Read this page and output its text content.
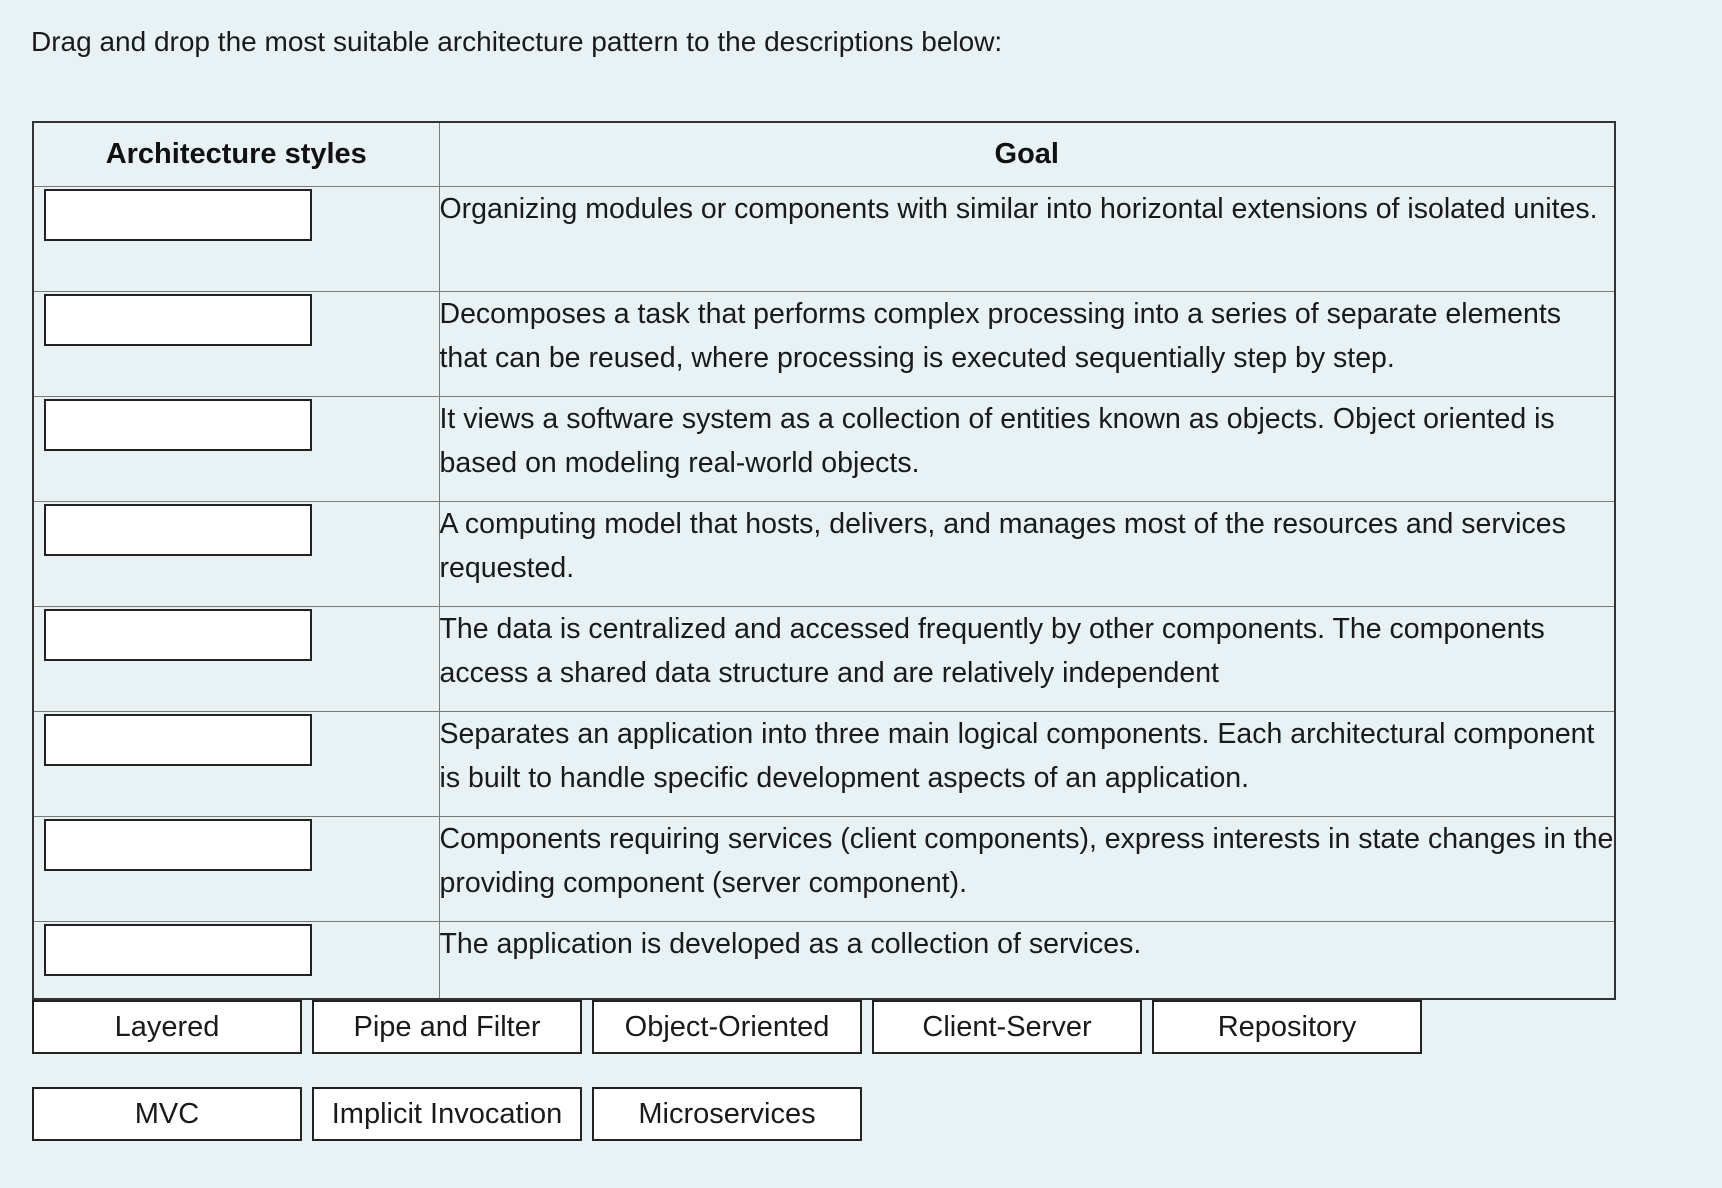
Drag and drop the most suitable architecture pattern to the descriptions below:
Architecture styles	Goal

	Organizing modules or components with similar into horizontal extensions of isolated unites.

	Decomposes a task that performs complex processing into a series of separate elements that can be reused, where processing is executed sequentially step by step.

	It views a software system as a collection of entities known as objects. Object oriented is based on modeling real-world objects.

	A computing model that hosts, delivers, and manages most of the resources and services requested.

	The data is centralized and accessed frequently by other components. The components access a shared data structure and are relatively independent

	Separates an application into three main logical components. Each architectural component is built to handle specific development aspects of an application.

	Components requiring services (client components), express interests in state changes in the providing component (server component).

	The application is developed as a collection of services.

Layered	Pipe and Filter	Object-Oriented	Client-Server	Repository
MVC	Implicit Invocation	Microservices
